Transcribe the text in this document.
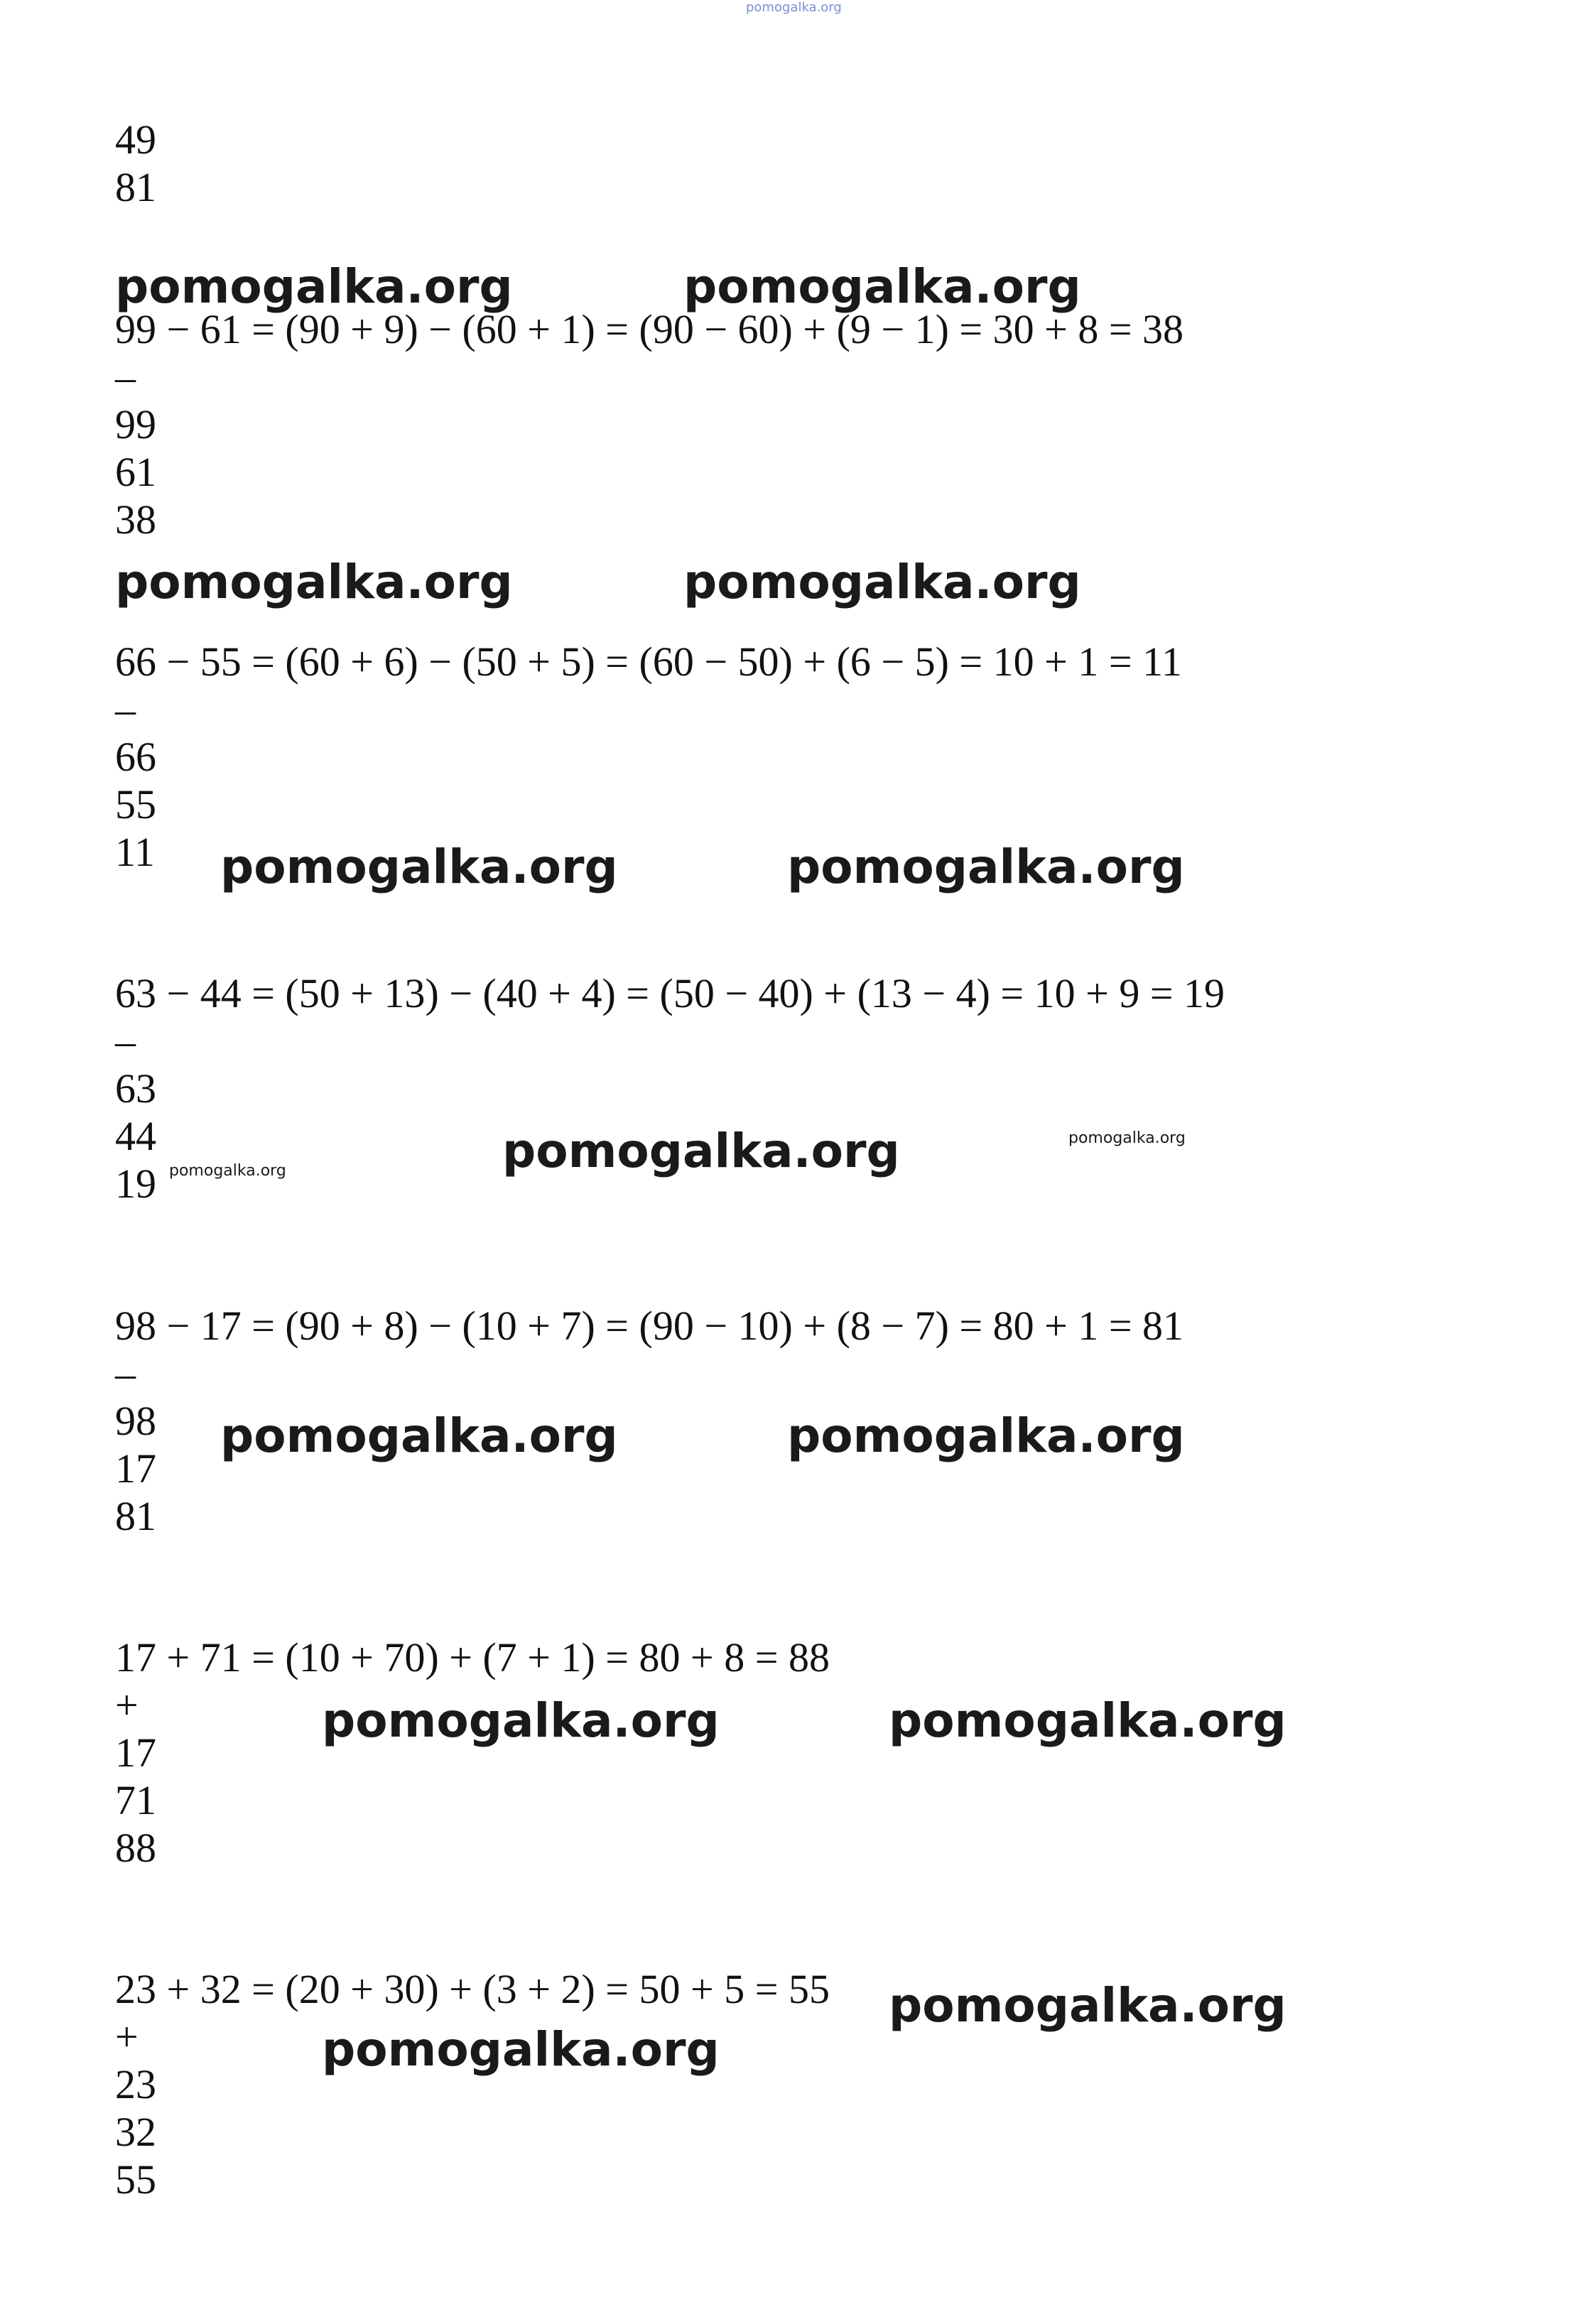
pomogalka.org
49
81
99 − 61 = (90 + 9) − (60 + 1) = (90 − 60) + (9 − 1) = 30 + 8 = 38
–
99
61
38
66 − 55 = (60 + 6) − (50 + 5) = (60 − 50) + (6 − 5) = 10 + 1 = 11
–
66
55
11
63 − 44 = (50 + 13) − (40 + 4) = (50 − 40) + (13 − 4) = 10 + 9 = 19
–
63
44
19
98 − 17 = (90 + 8) − (10 + 7) = (90 − 10) + (8 − 7) = 80 + 1 = 81
–
98
17
81
17 + 71 = (10 + 70) + (7 + 1) = 80 + 8 = 88
+
17
71
88
23 + 32 = (20 + 30) + (3 + 2) = 50 + 5 = 55
+
23
32
55
pomogalka.org	pomogalka.org
pomogalka.org	pomogalka.org
pomogalka.org	pomogalka.org
pomogalka.org
pomogalka.org
pomogalka.org
pomogalka.org	pomogalka.org
pomogalka.org	pomogalka.org
pomogalka.org
pomogalka.org
